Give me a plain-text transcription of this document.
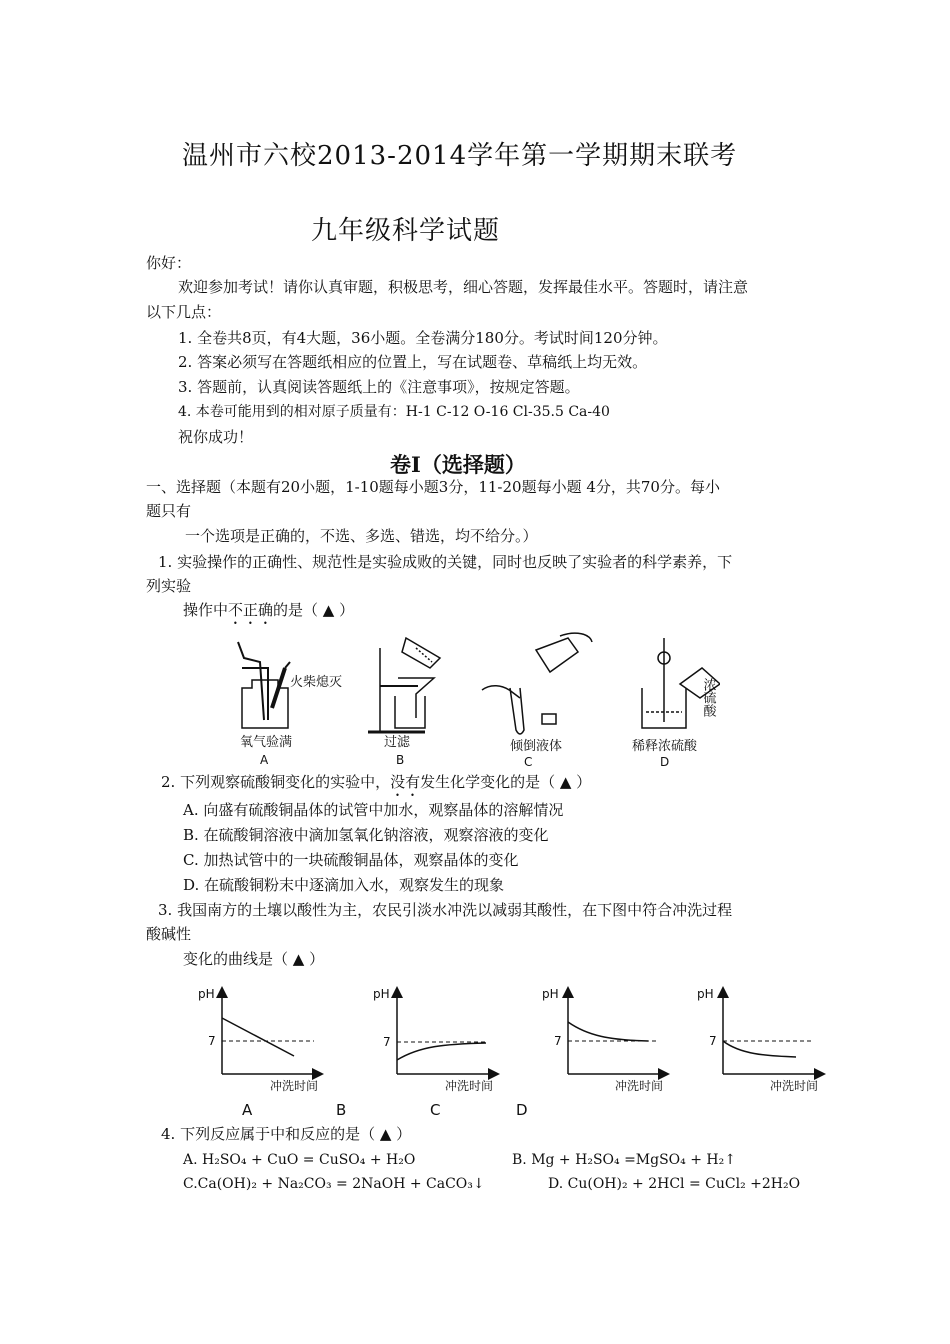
温州市六校2013-2014学年第一学期期末联考
九年级科学试题
你好：
欢迎参加考试！请你认真审题，积极思考，细心答题，发挥最佳水平。答题时，请注意
以下几点：
1. 全卷共8页，有4大题，36小题。全卷满分180分。考试时间120分钟。
2. 答案必须写在答题纸相应的位置上，写在试题卷、草稿纸上均无效。
3. 答题前，认真阅读答题纸上的《注意事项》，按规定答题。
4. 本卷可能用到的相对原子质量有：H-1 C-12 O-16 Cl-35.5 Ca-40
祝你成功！
卷Ⅰ（选择题）
一、选择题（本题有20小题，1-10题每小题3分，11-20题每小题 4分，共70分。每小
题只有
一个选项是正确的，不选、多选、错选，均不给分。）
1. 实验操作的正确性、规范性是实验成败的关键，同时也反映了实验者的科学素养，下
列实验
操作中不正确的是（ ▲ ）
火柴熄灭
氧气验满
A
过滤
B
倾倒液体
C
稀释浓硫酸
D
浓硫酸
2. 下列观察硫酸铜变化的实验中，没有发生化学变化的是（ ▲ ）
A. 向盛有硫酸铜晶体的试管中加水，观察晶体的溶解情况
B. 在硫酸铜溶液中滴加氢氧化钠溶液，观察溶液的变化
C. 加热试管中的一块硫酸铜晶体，观察晶体的变化
D. 在硫酸铜粉末中逐滴加入水，观察发生的现象
3. 我国南方的土壤以酸性为主，农民引淡水冲洗以减弱其酸性，在下图中符合冲洗过程
酸碱性
变化的曲线是（ ▲ ）
pH
7
冲洗时间
A
pH
7
冲洗时间
B
pH
7
冲洗时间
C
pH
7
冲洗时间
D
4. 下列反应属于中和反应的是（ ▲ ）
A. H₂SO₄ + CuO = CuSO₄ + H₂O	B. Mg + H₂SO₄ =MgSO₄ + H₂↑
C.Ca(OH)₂ + Na₂CO₃ = 2NaOH + CaCO₃↓	D. Cu(OH)₂ + 2HCl = CuCl₂ +2H₂O
